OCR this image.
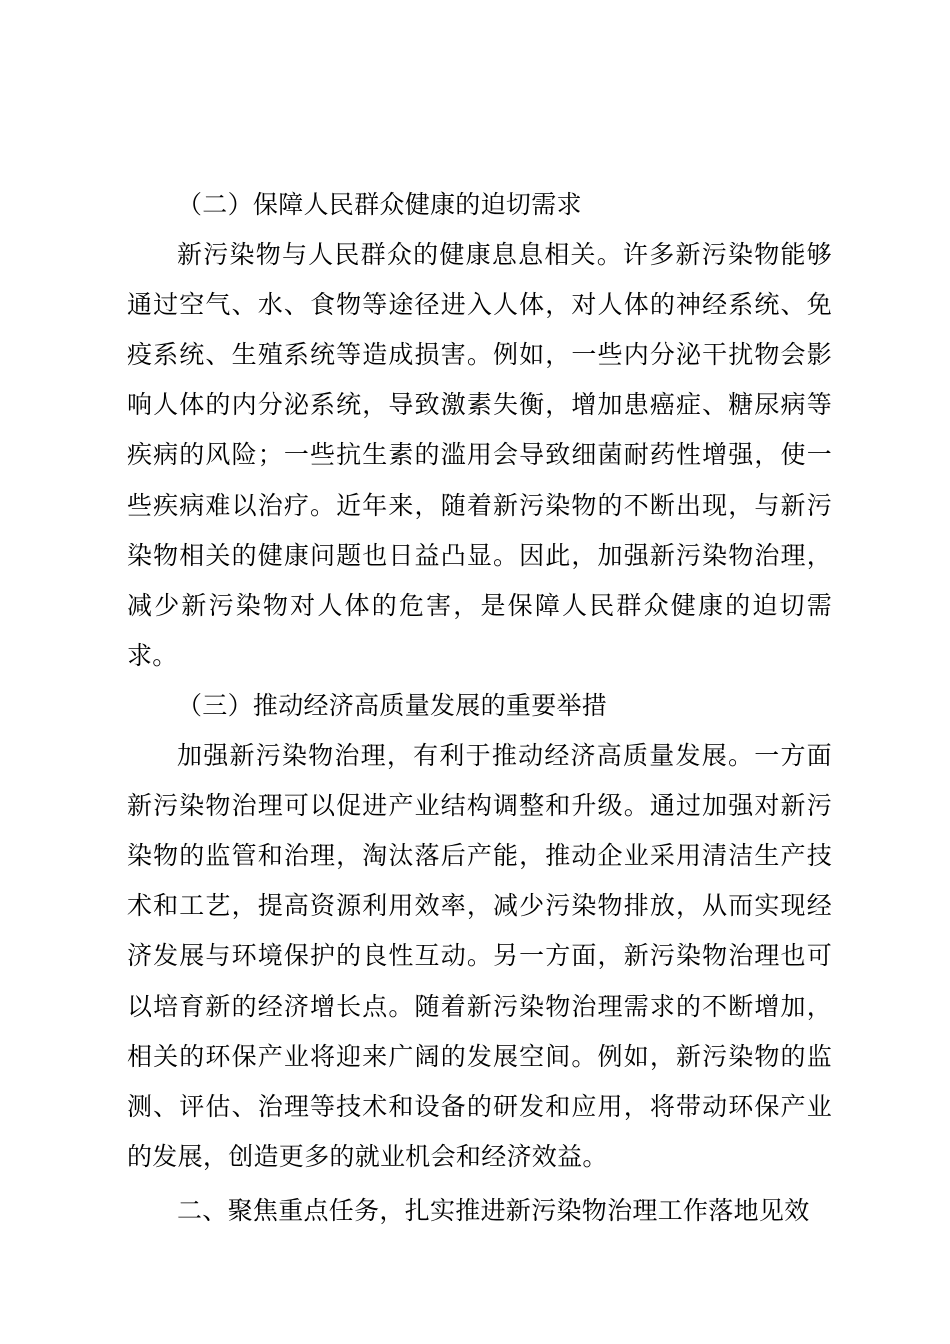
（二）保障人民群众健康的迫切需求

新污染物与人民群众的健康息息相关。许多新污染物能够通过空气、水、食物等途径进入人体，对人体的神经系统、免疫系统、生殖系统等造成损害。例如，一些内分泌干扰物会影响人体的内分泌系统，导致激素失衡，增加患癌症、糖尿病等疾病的风险；一些抗生素的滥用会导致细菌耐药性增强，使一些疾病难以治疗。近年来，随着新污染物的不断出现，与新污染物相关的健康问题也日益凸显。因此，加强新污染物治理，减少新污染物对人体的危害，是保障人民群众健康的迫切需求。

（三）推动经济高质量发展的重要举措

加强新污染物治理，有利于推动经济高质量发展。一方面新污染物治理可以促进产业结构调整和升级。通过加强对新污染物的监管和治理，淘汰落后产能，推动企业采用清洁生产技术和工艺，提高资源利用效率，减少污染物排放，从而实现经济发展与环境保护的良性互动。另一方面，新污染物治理也可以培育新的经济增长点。随着新污染物治理需求的不断增加，相关的环保产业将迎来广阔的发展空间。例如，新污染物的监测、评估、治理等技术和设备的研发和应用，将带动环保产业的发展，创造更多的就业机会和经济效益。

二、聚焦重点任务，扎实推进新污染物治理工作落地见效
